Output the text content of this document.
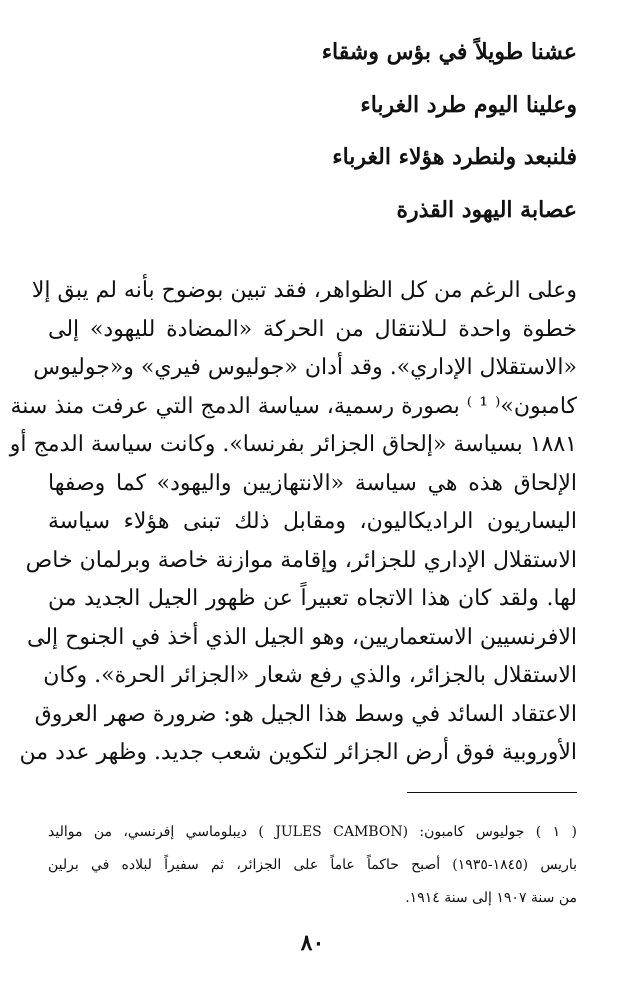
عشنا طويلاً في بؤس وشقاء
وعلينا اليوم طرد الغرباء
فلنبعد ولنطرد هؤلاء الغرباء
عصابة اليهود القذرة
وعلى الرغم من كل الظواهر، فقد تبين بوضوح بأنه لم يبق إلا
خطوة واحدة لـلانتقال من الحركة «المضادة لليهود» إلى
«الاستقلال الإداري». وقد أدان «جوليوس فيري» و«جوليوس
كامبون»⁽ ¹ ⁾ بصورة رسمية، سياسة الدمج التي عرفت منذ سنة
١٨٨١ بسياسة «إلحاق الجزائر بفرنسا». وكانت سياسة الدمج أو
الإلحاق هذه هي سياسة «الانتهازيين واليهود» كما وصفها
اليساريون الراديكاليون، ومقابل ذلك تبنى هؤلاء سياسة
الاستقلال الإداري للجزائر، وإقامة موازنة خاصة وبرلمان خاص
لها. ولقد كان هذا الاتجاه تعبيراً عن ظهور الجيل الجديد من
الافرنسيين الاستعماريين، وهو الجيل الذي أخذ في الجنوح إلى
الاستقلال بالجزائر، والذي رفع شعار «الجزائر الحرة». وكان
الاعتقاد السائد في وسط هذا الجيل هو: ضرورة صهر العروق
الأوروبية فوق أرض الجزائر لتكوين شعب جديد. وظهر عدد من
( ١ ) جوليوس كامبون: (JULES CAMBON ) ديبلوماسي إفرنسي، من مواليد
باريس (١٨٤٥-١٩٣٥) أصبح حاكماً عاماً على الجزائر، ثم سفيراً لبلاده في برلين
من سنة ١٩٠٧ إلى سنة ١٩١٤.
٨٠
